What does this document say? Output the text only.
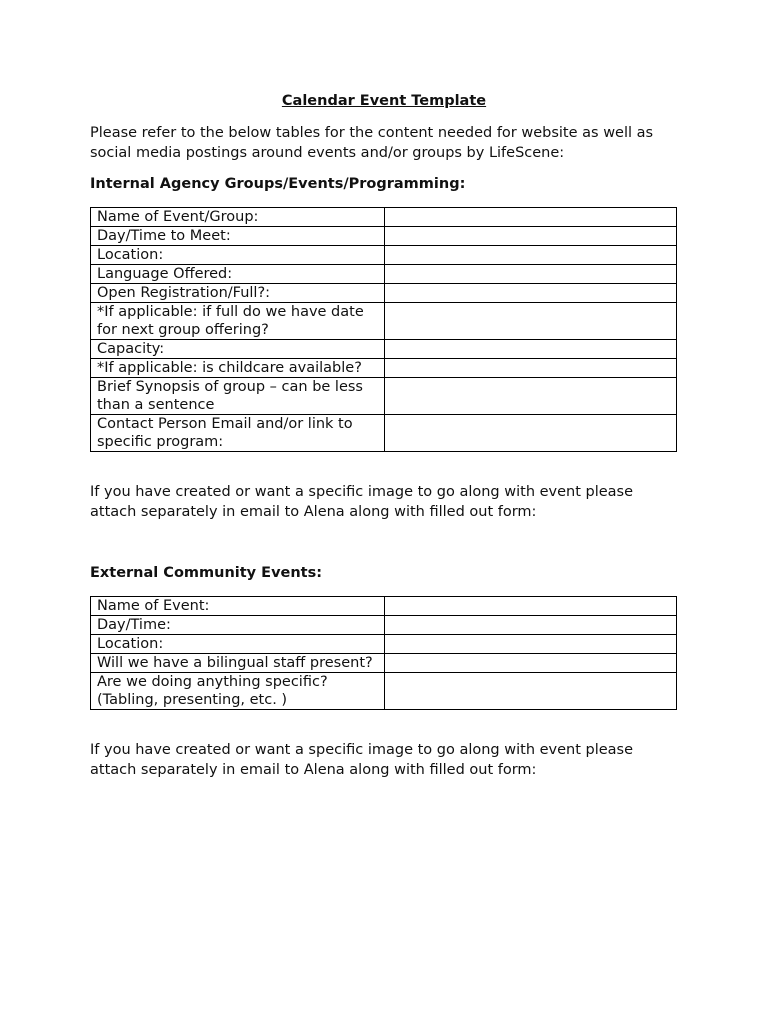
Calendar Event Template

Please refer to the below tables for the content needed for website as well as social media postings around events and/or groups by LifeScene:

Internal Agency Groups/Events/Programming:

Name of Event/Group:	
Day/Time to Meet:	
Location:	
Language Offered:	
Open Registration/Full?:	
*If applicable: if full do we have date for next group offering?	
Capacity:	
*If applicable: is childcare available?	
Brief Synopsis of group – can be less than a sentence	
Contact Person Email and/or link to specific program:	

If you have created or want a specific image to go along with event please attach separately in email to Alena along with filled out form:

External Community Events:

Name of Event:	
Day/Time:	
Location:	
Will we have a bilingual staff present?	
Are we doing anything specific? (Tabling, presenting, etc. )	

If you have created or want a specific image to go along with event please attach separately in email to Alena along with filled out form:
